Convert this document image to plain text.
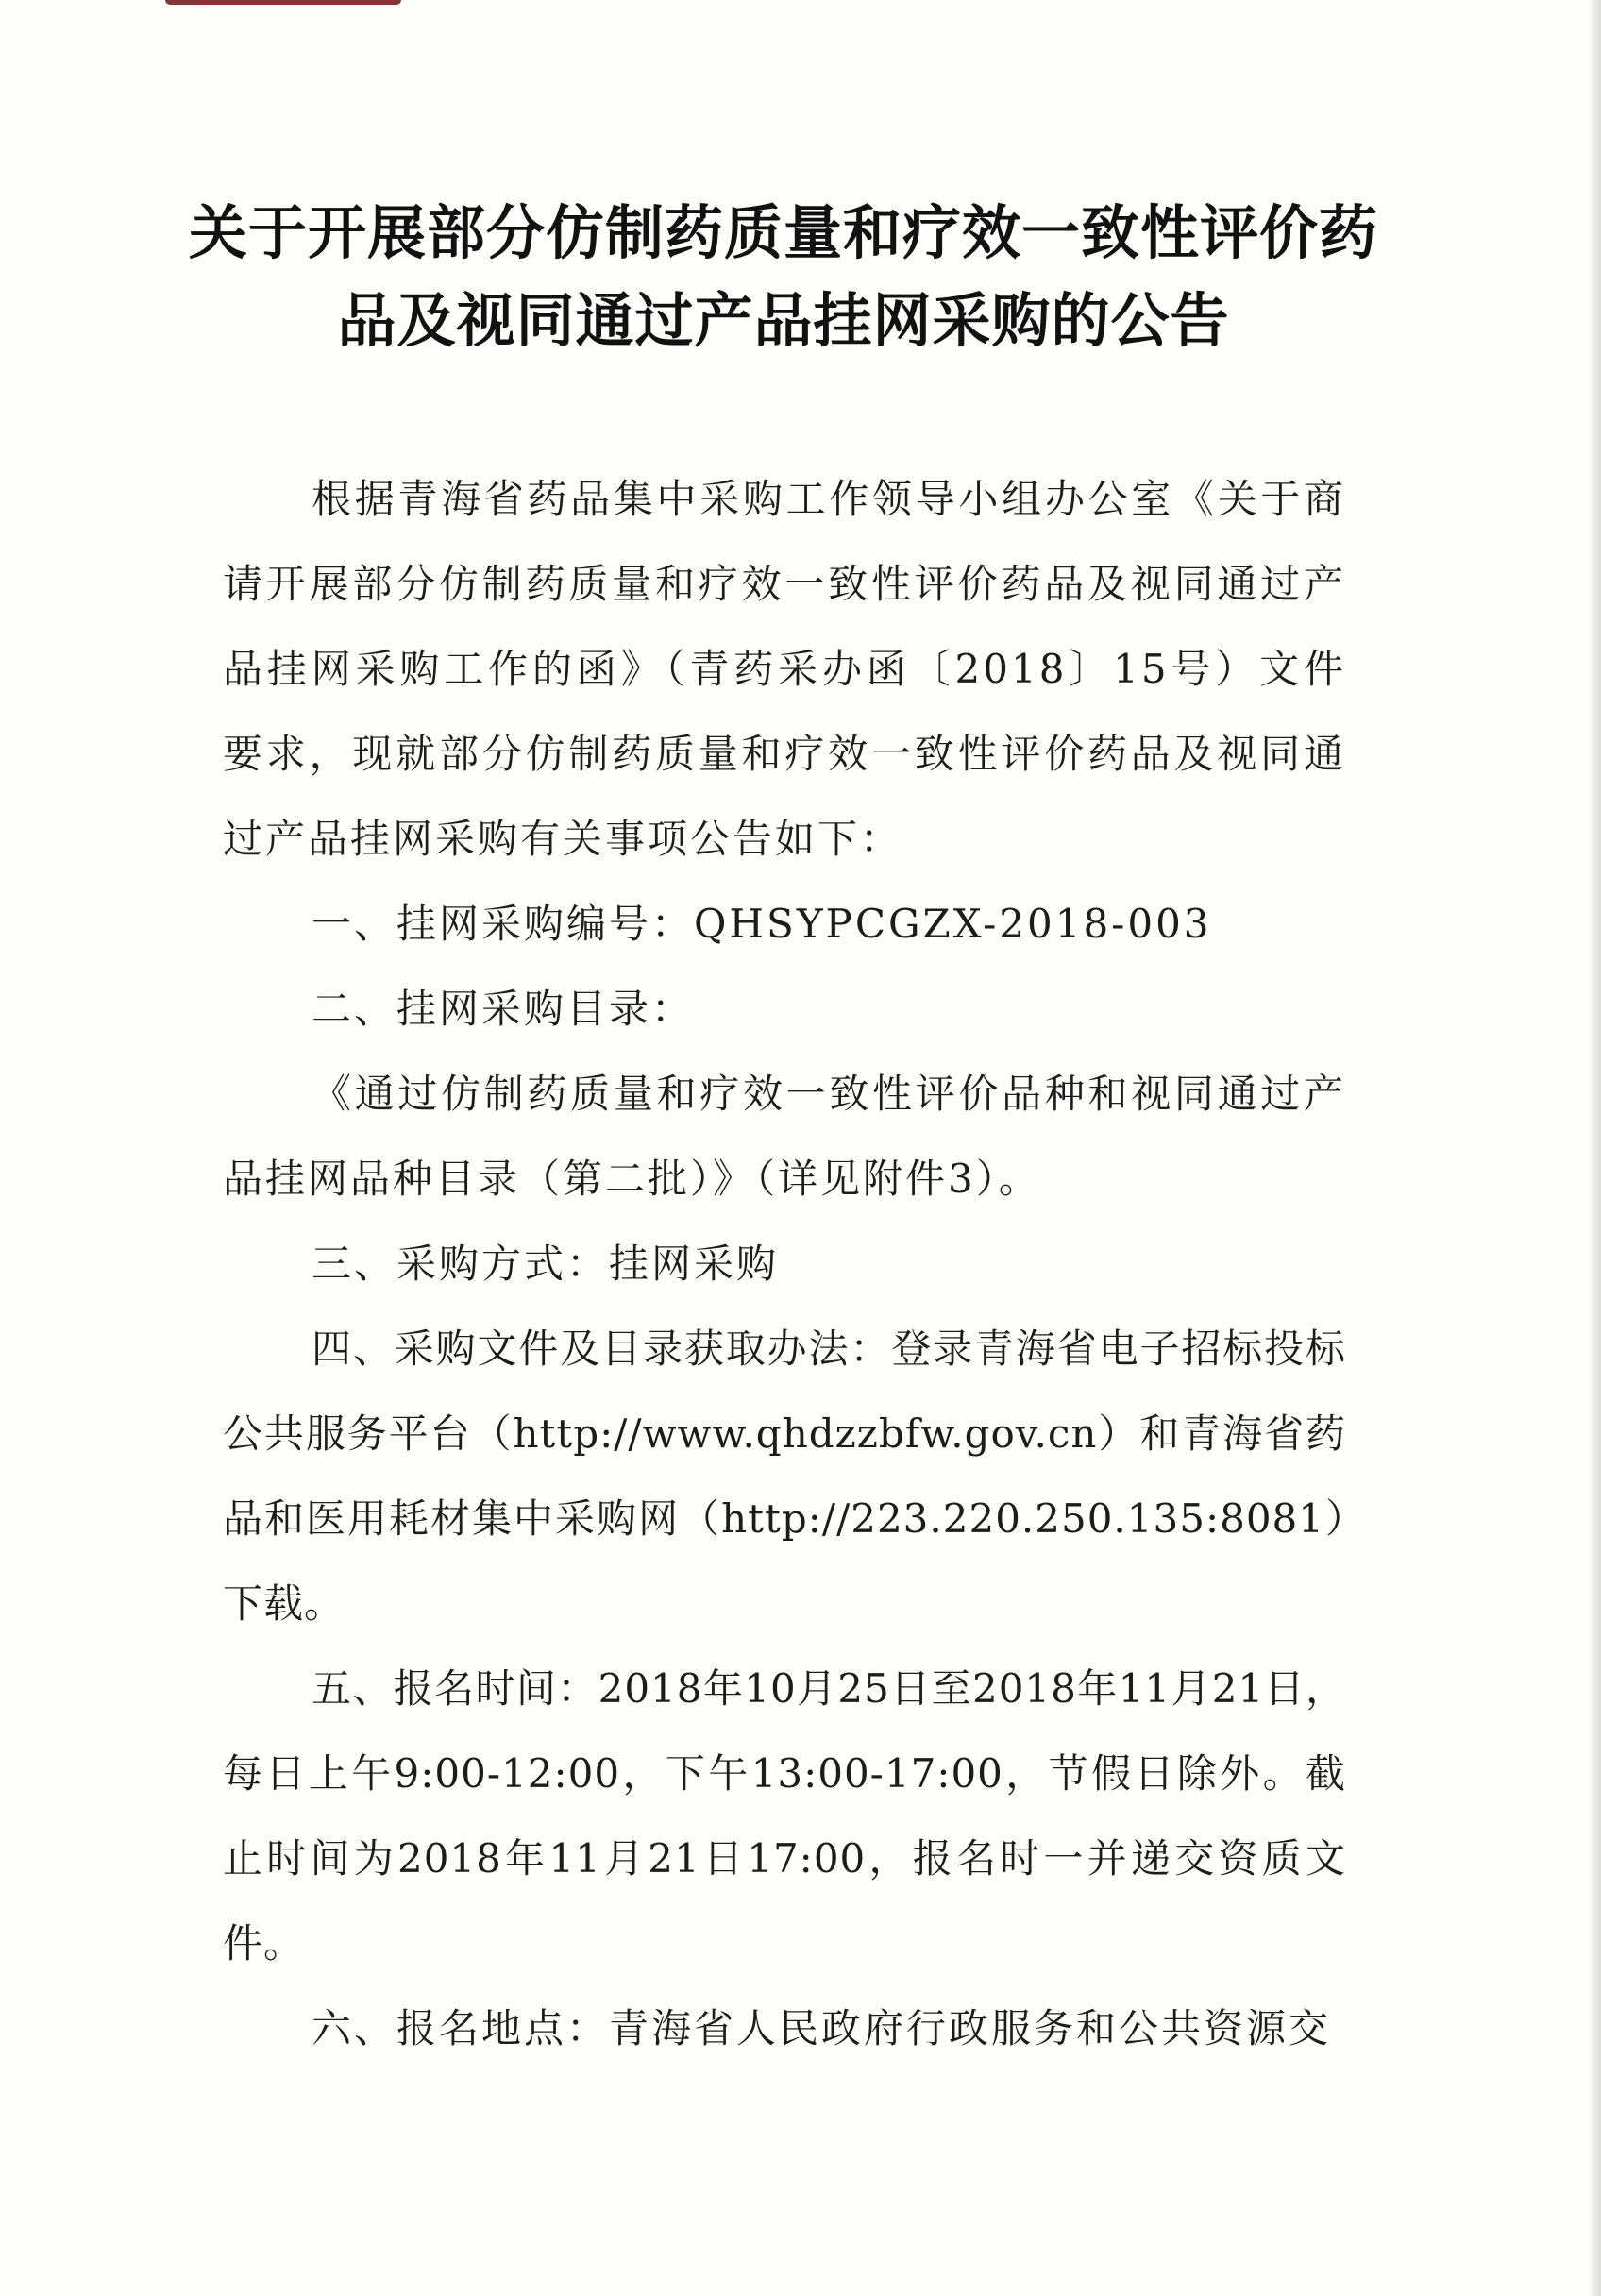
关于开展部分仿制药质量和疗效一致性评价药品及视同通过产品挂网采购的公告

根据青海省药品集中采购工作领导小组办公室《关于商请开展部分仿制药质量和疗效一致性评价药品及视同通过产品挂网采购工作的函》（青药采办函〔2018〕15号）文件要求，现就部分仿制药质量和疗效一致性评价药品及视同通过产品挂网采购有关事项公告如下：

一、挂网采购编号：QHSYPCGZX-2018-003

二、挂网采购目录：

《通过仿制药质量和疗效一致性评价品种和视同通过产品挂网品种目录（第二批）》（详见附件3）。

三、采购方式：挂网采购

四、采购文件及目录获取办法：登录青海省电子招标投标公共服务平台（http://www.qhdzzbfw.gov.cn）和青海省药品和医用耗材集中采购网（http://223.220.250.135:8081）下载。

五、报名时间：2018年10月25日至2018年11月21日，每日上午9:00-12:00，下午13:00-17:00，节假日除外。截止时间为2018年11月21日17:00，报名时一并递交资质文件。

六、报名地点：青海省人民政府行政服务和公共资源交
